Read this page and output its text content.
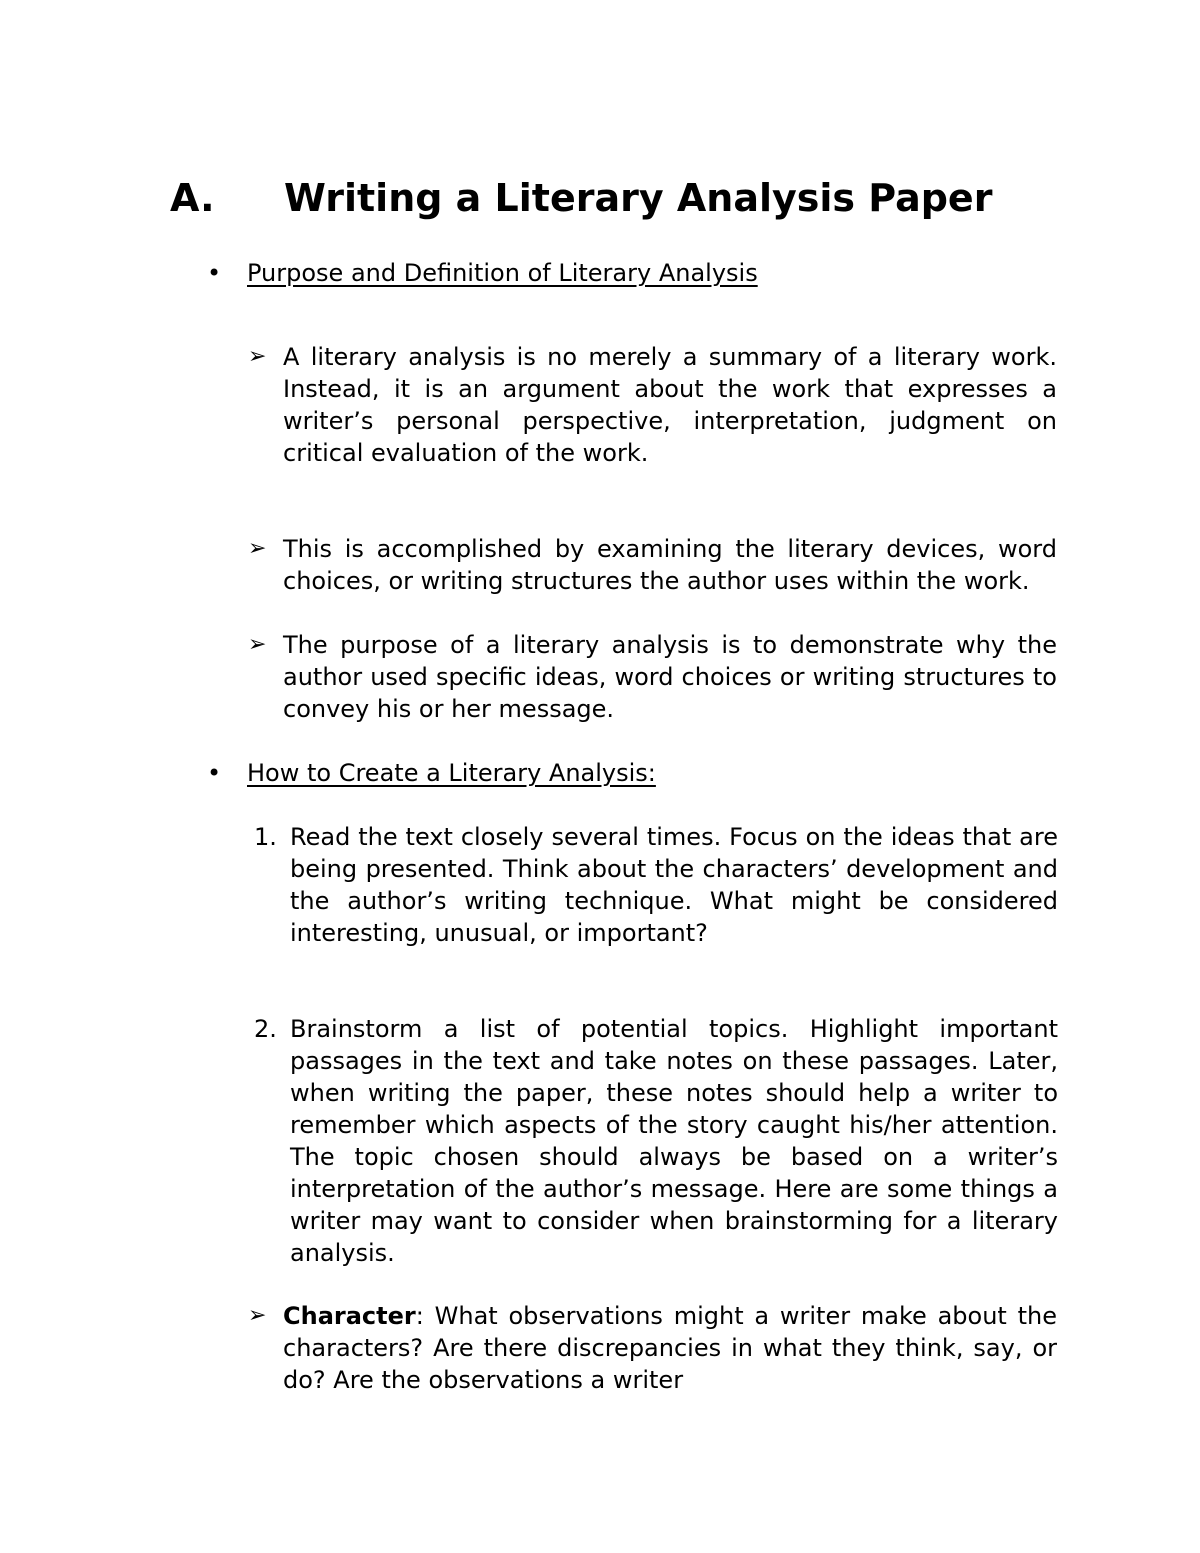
A. Writing a Literary Analysis Paper
• Purpose and Definition of Literary Analysis
➢ A literary analysis is no merely a summary of a literary work. Instead, it is an argument about the work that expresses a writer’s personal perspective, interpretation, judgment on critical evaluation of the work.
➢ This is accomplished by examining the literary devices, word choices, or writing structures the author uses within the work.
➢ The purpose of a literary analysis is to demonstrate why the author used specific ideas, word choices or writing structures to convey his or her message.
• How to Create a Literary Analysis:
1. Read the text closely several times. Focus on the ideas that are being presented. Think about the characters’ development and the author’s writing technique. What might be considered interesting, unusual, or important?
2. Brainstorm a list of potential topics. Highlight important passages in the text and take notes on these passages. Later, when writing the paper, these notes should help a writer to remember which aspects of the story caught his/her attention. The topic chosen should always be based on a writer’s interpretation of the author’s message. Here are some things a writer may want to consider when brainstorming for a literary analysis.
➢ Character: What observations might a writer make about the characters? Are there discrepancies in what they think, say, or do? Are the observations a writer
